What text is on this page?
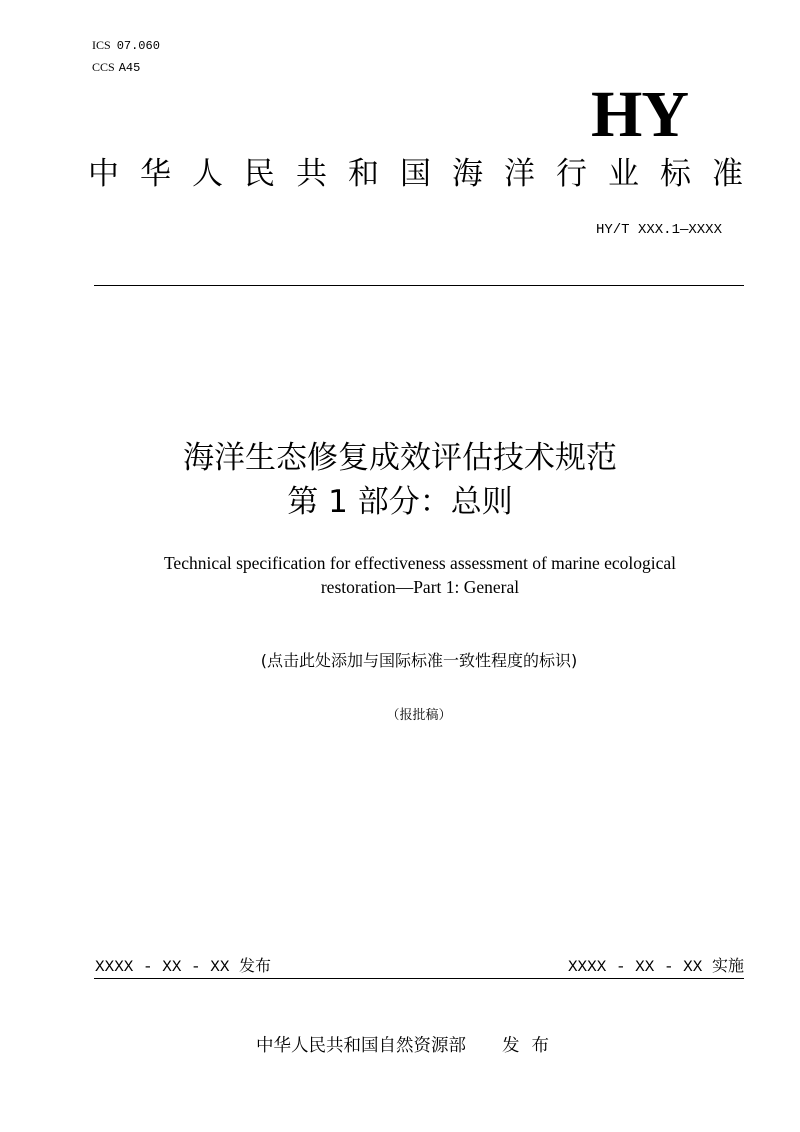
ICS 07.060
CCS A45
HY
中华人民共和国海洋行业标准
HY/T XXX.1—XXXX
海洋生态修复成效评估技术规范
第 1 部分：总则
Technical specification for effectiveness assessment of marine ecological
restoration—Part 1: General
(点击此处添加与国际标准一致性程度的标识)
（报批稿）
XXXX - XX - XX 发布	XXXX - XX - XX 实施
中华人民共和国自然资源部 发布
